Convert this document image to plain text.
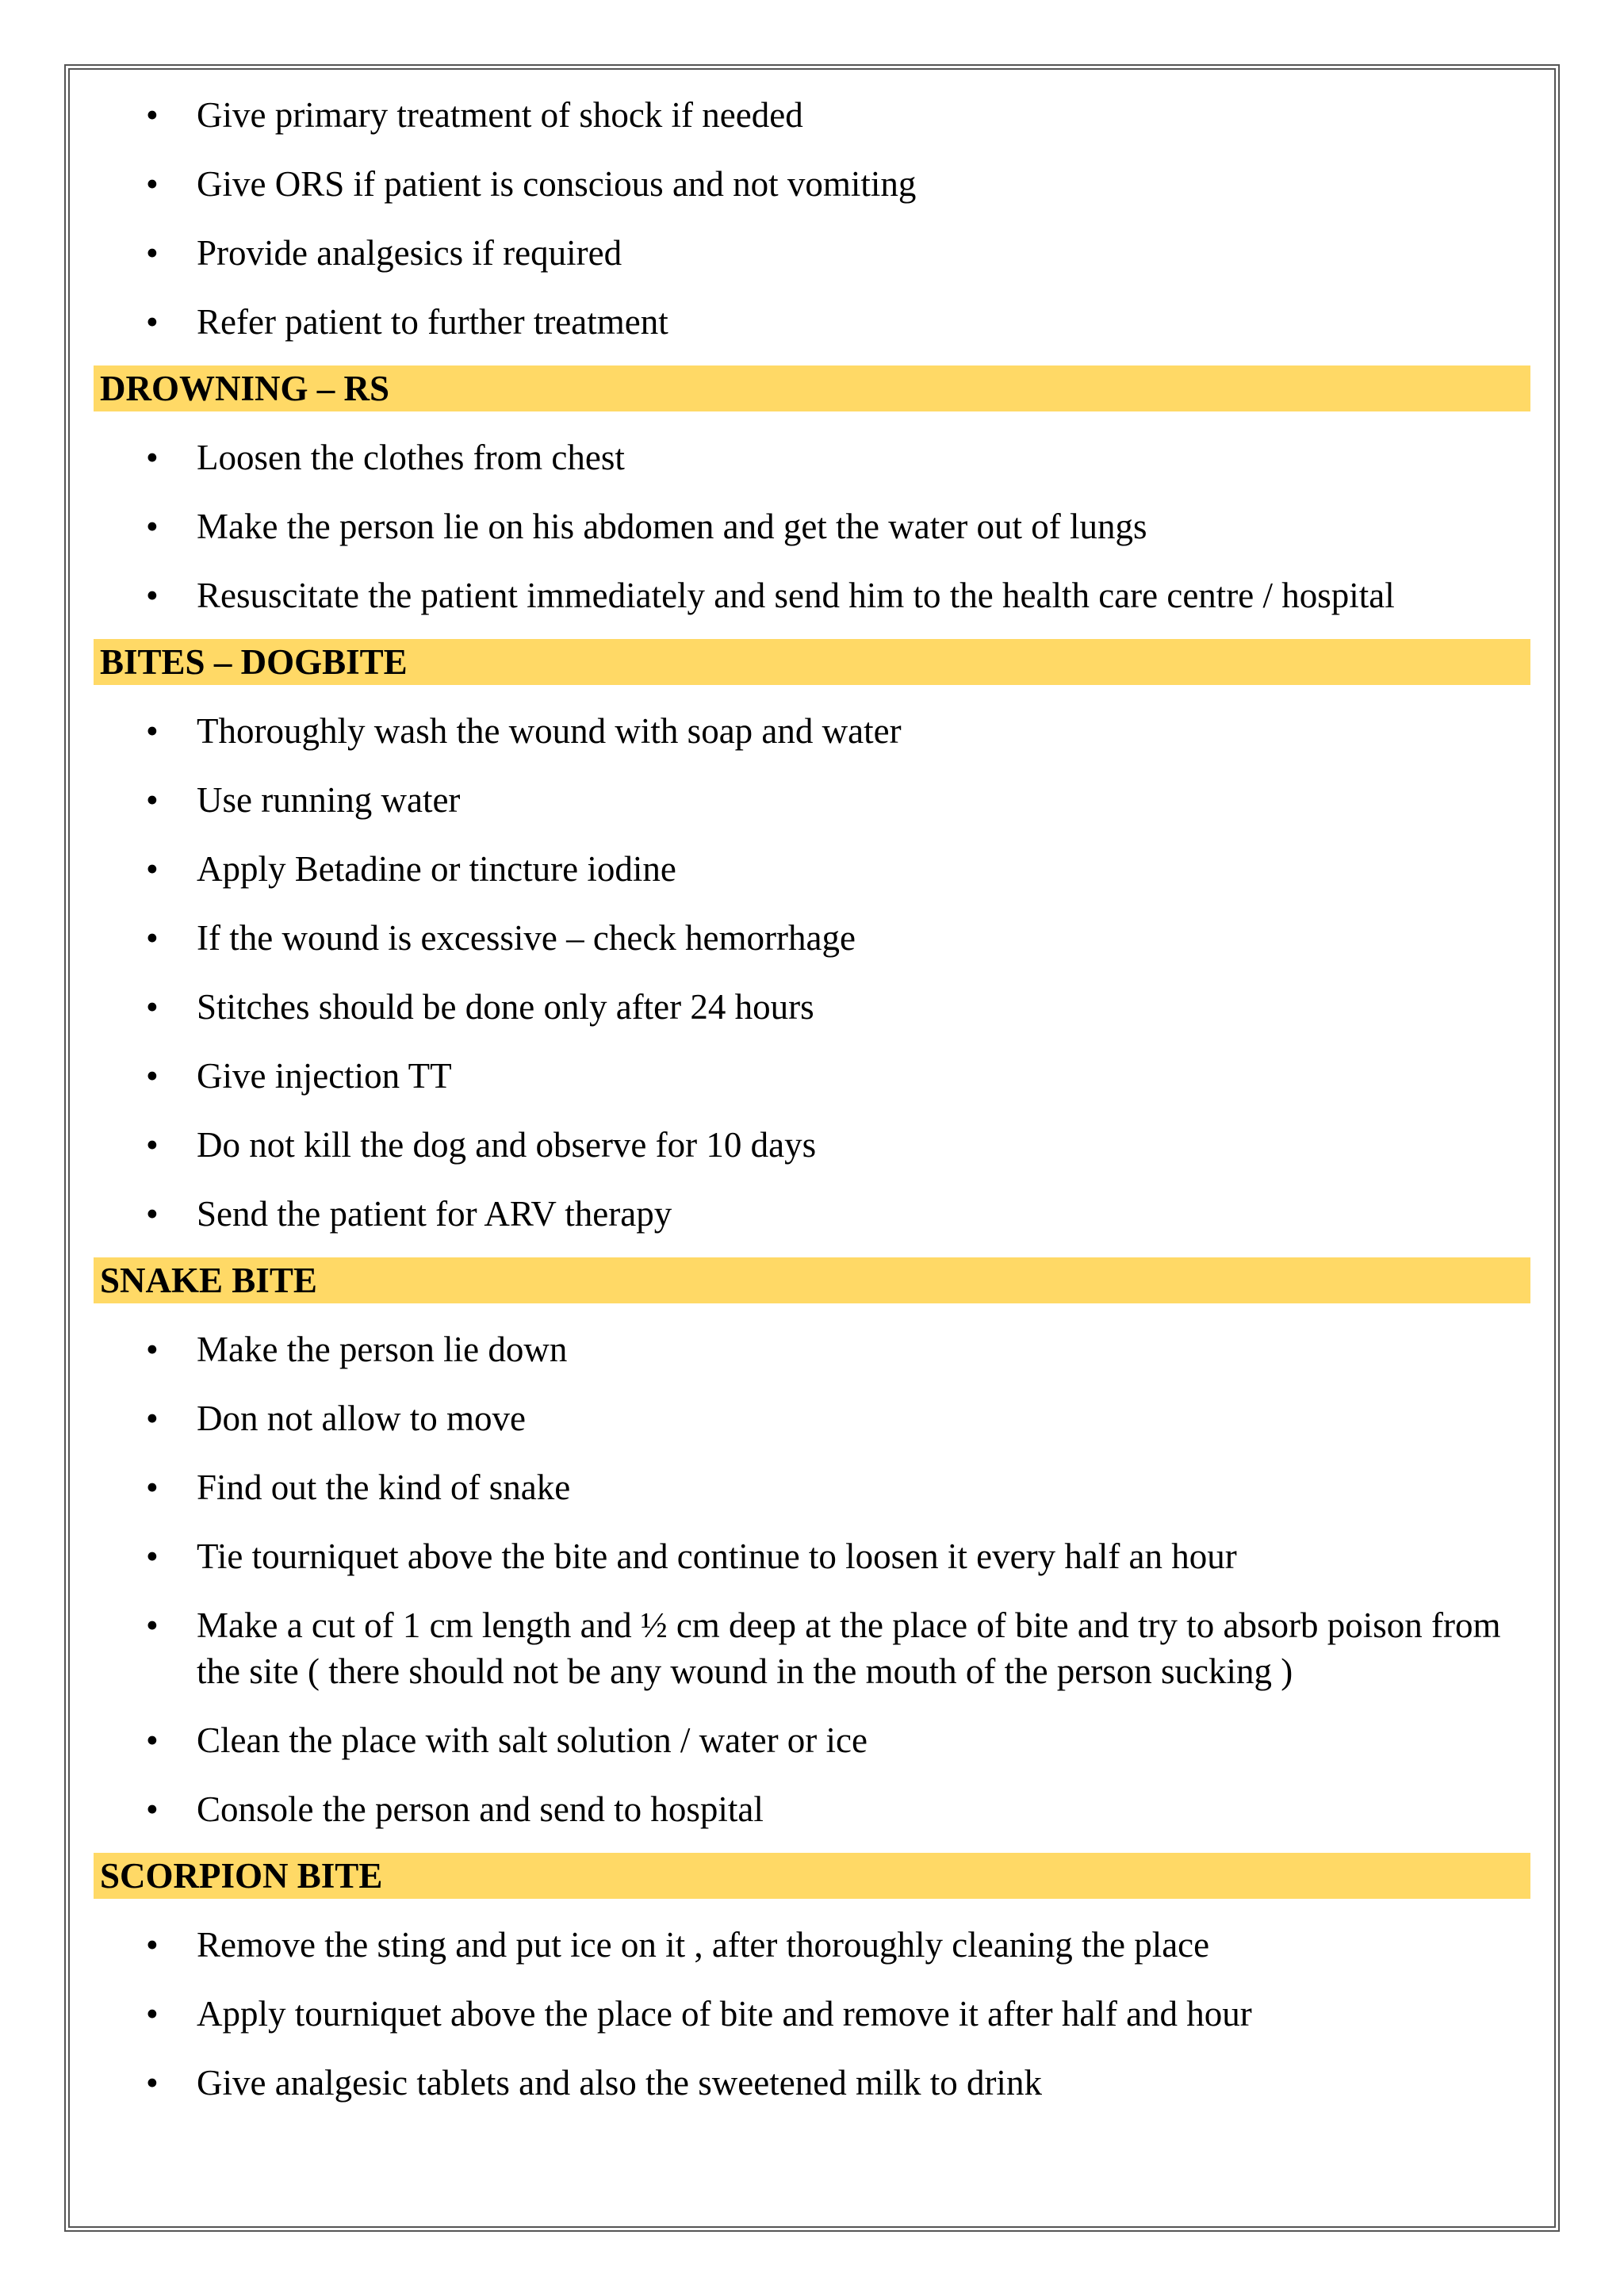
• Give primary treatment of shock if needed
• Give ORS if patient is conscious and not vomiting
• Provide analgesics if required
• Refer patient to further treatment
DROWNING – RS
• Loosen the clothes from chest
• Make the person lie on his abdomen and get the water out of lungs
• Resuscitate the patient immediately and send him to the health care centre / hospital
BITES – DOGBITE
• Thoroughly wash the wound with soap and water
• Use running water
• Apply Betadine or tincture iodine
• If the wound is excessive – check hemorrhage
• Stitches should be done only after 24 hours
• Give injection TT
• Do not kill the dog and observe for 10 days
• Send the patient for ARV therapy
SNAKE BITE
• Make the person lie down
• Don not allow to move
• Find out the kind of snake
• Tie tourniquet above the bite and continue to loosen it every half an hour
• Make a cut of 1 cm length and ½ cm deep at the place of bite and try to absorb poison from the site ( there should not be any wound in the mouth of the person sucking )
• Clean the place with salt solution / water or ice
• Console the person and send to hospital
SCORPION BITE
• Remove the sting and put ice on it , after thoroughly cleaning the place
• Apply tourniquet above the place of bite and remove it after half and hour
• Give analgesic tablets and also the sweetened milk to drink
